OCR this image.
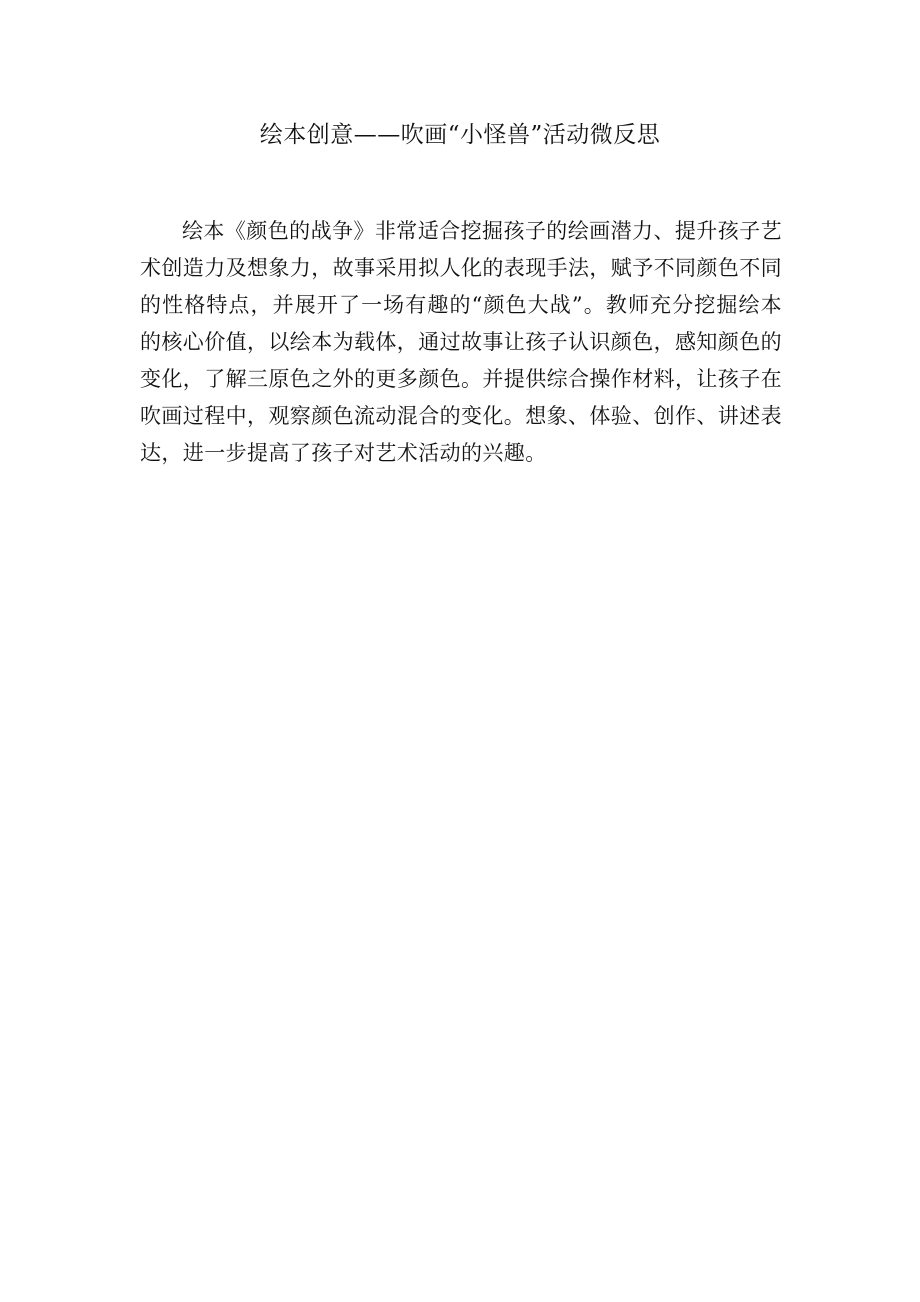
绘本创意——吹画“小怪兽”活动微反思

绘本《颜色的战争》非常适合挖掘孩子的绘画潜力、提升孩子艺术创造力及想象力，故事采用拟人化的表现手法，赋予不同颜色不同的性格特点，并展开了一场有趣的“颜色大战”。教师充分挖掘绘本的核心价值，以绘本为载体，通过故事让孩子认识颜色，感知颜色的变化，了解三原色之外的更多颜色。并提供综合操作材料，让孩子在吹画过程中，观察颜色流动混合的变化。想象、体验、创作、讲述表达，进一步提高了孩子对艺术活动的兴趣。
